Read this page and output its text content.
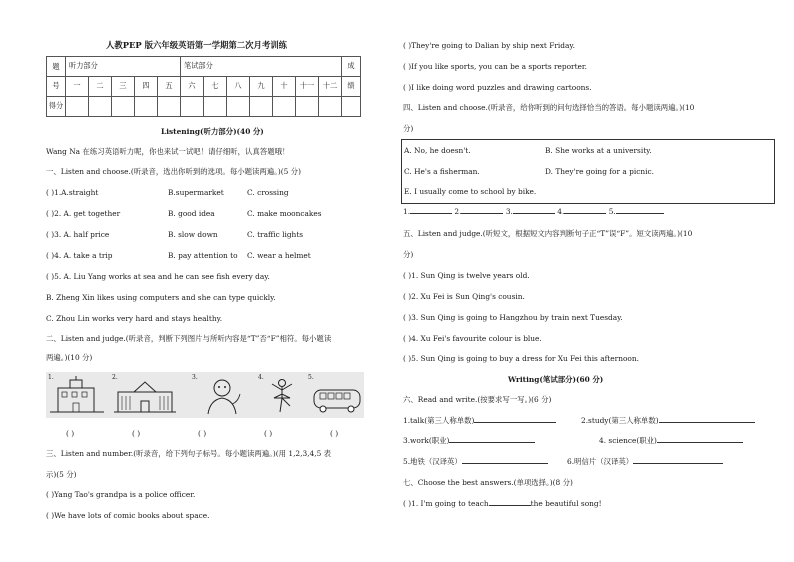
人教PEP 版六年级英语第一学期第二次月考训练
题	听力部分					笔试部分							成
号	一	二	三	四	五	六	七	八	九	十	十一	十二	绩
得分													
Listening(听力部分)(40 分)
Wang Na 在练习英语听力呢，你也来试一试吧！请仔细听，认真答题哦！
一、Listen and choose.(听录音，选出你听到的选项。每小题读两遍。)(5 分)
( )1.A.straight	B.supermarket	C. crossing
( )2. A. get together	B. good idea	C. make mooncakes
( )3. A. half price	B. slow down	C. traffic lights
( )4. A. take a trip	B. pay attention to C. wear a helmet
( )5. A. Liu Yang works at sea and he can see fish every day.
B. Zheng Xin likes using computers and she can type quickly.
C. Zhou Lin works very hard and stays healthy.
二、Listen and judge.(听录音，判断下列图片与所听内容是“T”否“F”相符。每小题读
两遍。)(10 分)
1.	2.	3.	4.	5.
( )	( )	( )	( )	( )
三、Listen and number.(听录音，给下列句子标号。每小题读两遍。)(用 1,2,3,4,5 表
示)(5 分)
( )Yang Tao's grandpa is a police officer.
( )We have lots of comic books about space.
( )They're going to Dalian by ship next Friday.
( )If you like sports, you can be a sports reporter.
( )I like doing word puzzles and drawing cartoons.
四、Listen and choose.(听录音，给你听到的问句选择恰当的答语。每小题读两遍。)(10
分)
A. No, he doesn't.	B. She works at a university.
C. He's a fisherman.	D. They're going for a picnic.
E. I usually come to school by bike.
1.	2.	3.	4.	5.
五、Listen and judge.(听短文，根据短文内容判断句子正“T”误“F”。短文读两遍。)(10
分)
( )1. Sun Qing is twelve years old.
( )2. Xu Fei is Sun Qing's cousin.
( )3. Sun Qing is going to Hangzhou by train next Tuesday.
( )4. Xu Fei's favourite colour is blue.
( )5. Sun Qing is going to buy a dress for Xu Fei this afternoon.
Writing(笔试部分)(60 分)
六、Read and write.(按要求写一写。)(6 分)
1.talk(第三人称单数)	2.study(第三人称单数)
3.work(职业)	4. science(职业)
5.地铁（汉译英）	6.明信片（汉译英）
七、Choose the best answers.(单项选择。)(8 分)
( )1. I'm going to teach	the beautiful song!
